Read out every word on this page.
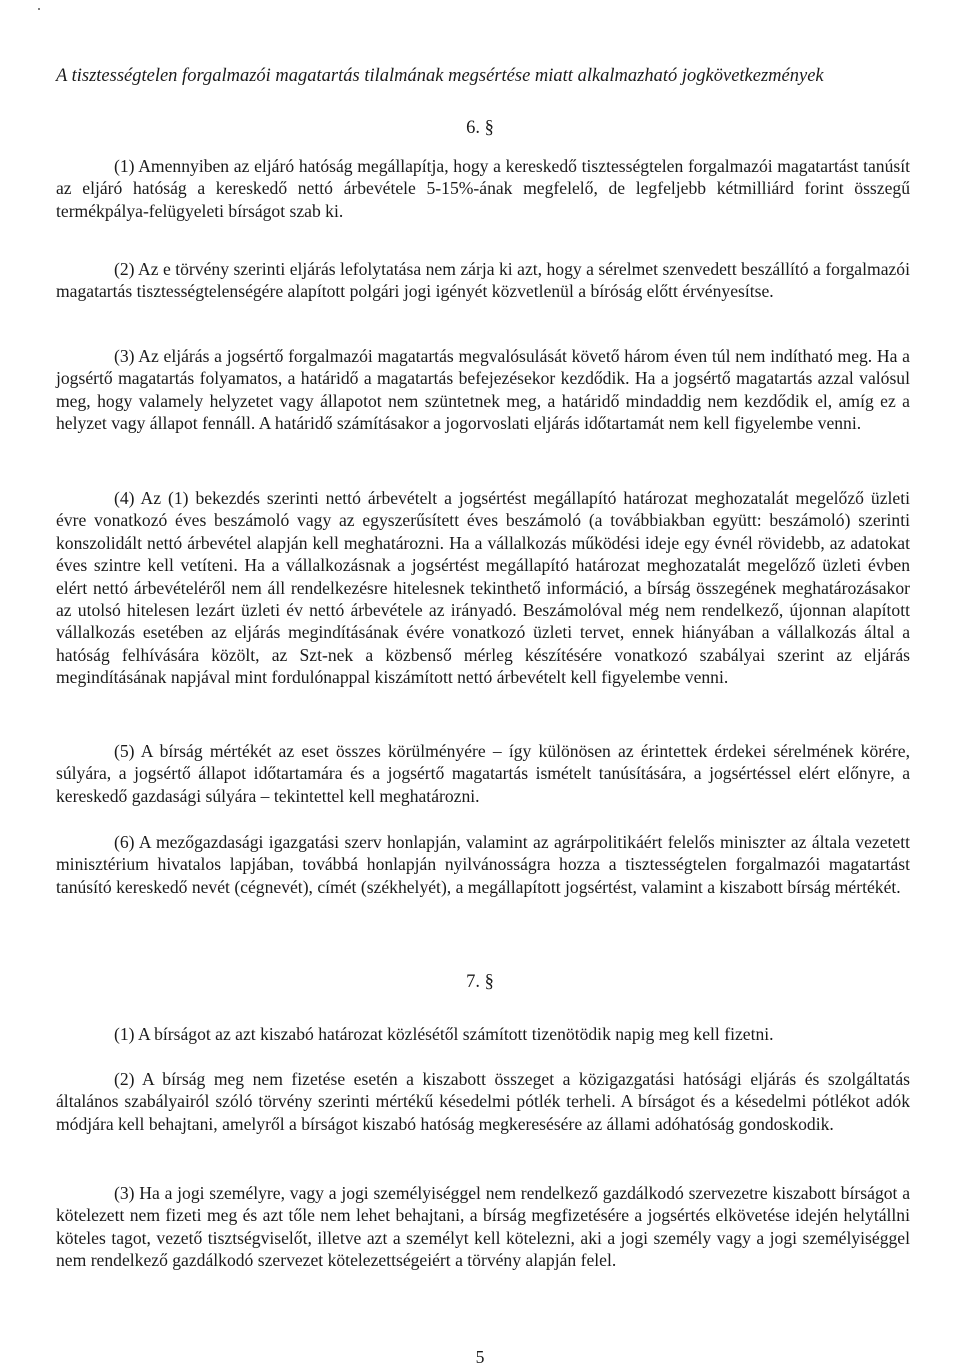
A tisztességtelen forgalmazói magatartás tilalmának megsértése miatt alkalmazható jogkövetkezmények
6. §

(1) Amennyiben az eljáró hatóság megállapítja, hogy a kereskedő tisztességtelen forgalmazói magatartást tanúsít az eljáró hatóság a kereskedő nettó árbevétele 5-15%-ának megfelelő, de legfeljebb kétmilliárd forint összegű termékpálya-felügyeleti bírságot szab ki.

(2) Az e törvény szerinti eljárás lefolytatása nem zárja ki azt, hogy a sérelmet szenvedett beszállító a forgalmazói magatartás tisztességtelenségére alapított polgári jogi igényét közvetlenül a bíróság előtt érvényesítse.

(3) Az eljárás a jogsértő forgalmazói magatartás megvalósulását követő három éven túl nem indítható meg. Ha a jogsértő magatartás folyamatos, a határidő a magatartás befejezésekor kezdődik. Ha a jogsértő magatartás azzal valósul meg, hogy valamely helyzetet vagy állapotot nem szüntetnek meg, a határidő mindaddig nem kezdődik el, amíg ez a helyzet vagy állapot fennáll. A határidő számításakor a jogorvoslati eljárás időtartamát nem kell figyelembe venni.

(4) Az (1) bekezdés szerinti nettó árbevételt a jogsértést megállapító határozat meghozatalát megelőző üzleti évre vonatkozó éves beszámoló vagy az egyszerűsített éves beszámoló (a továbbiakban együtt: beszámoló) szerinti konszolidált nettó árbevétel alapján kell meghatározni. Ha a vállalkozás működési ideje egy évnél rövidebb, az adatokat éves szintre kell vetíteni. Ha a vállalkozásnak a jogsértést megállapító határozat meghozatalát megelőző üzleti évben elért nettó árbevételéről nem áll rendelkezésre hitelesnek tekinthető információ, a bírság összegének meghatározásakor az utolsó hitelesen lezárt üzleti év nettó árbevétele az irányadó. Beszámolóval még nem rendelkező, újonnan alapított vállalkozás esetében az eljárás megindításának évére vonatkozó üzleti tervet, ennek hiányában a vállalkozás által a hatóság felhívására közölt, az Szt-nek a közbenső mérleg készítésére vonatkozó szabályai szerint az eljárás megindításának napjával mint fordulónappal kiszámított nettó árbevételt kell figyelembe venni.

(5) A bírság mértékét az eset összes körülményére – így különösen az érintettek érdekei sérelmének körére, súlyára, a jogsértő állapot időtartamára és a jogsértő magatartás ismételt tanúsítására, a jogsértéssel elért előnyre, a kereskedő gazdasági súlyára – tekintettel kell meghatározni.

(6) A mezőgazdasági igazgatási szerv honlapján, valamint az agrárpolitikáért felelős miniszter az általa vezetett minisztérium hivatalos lapjában, továbbá honlapján nyilvánosságra hozza a tisztességtelen forgalmazói magatartást tanúsító kereskedő nevét (cégnevét), címét (székhelyét), a megállapított jogsértést, valamint a kiszabott bírság mértékét.

7. §

(1) A bírságot az azt kiszabó határozat közlésétől számított tizenötödik napig meg kell fizetni.

(2) A bírság meg nem fizetése esetén a kiszabott összeget a közigazgatási hatósági eljárás és szolgáltatás általános szabályairól szóló törvény szerinti mértékű késedelmi pótlék terheli. A bírságot és a késedelmi pótlékot adók módjára kell behajtani, amelyről a bírságot kiszabó hatóság megkeresésére az állami adóhatóság gondoskodik.

(3) Ha a jogi személyre, vagy a jogi személyiséggel nem rendelkező gazdálkodó szervezetre kiszabott bírságot a kötelezett nem fizeti meg és azt tőle nem lehet behajtani, a bírság megfizetésére a jogsértés elkövetése idején helytállni köteles tagot, vezető tisztségviselőt, illetve azt a személyt kell kötelezni, aki a jogi személy vagy a jogi személyiséggel nem rendelkező gazdálkodó szervezet kötelezettségeiért a törvény alapján felel.

5
